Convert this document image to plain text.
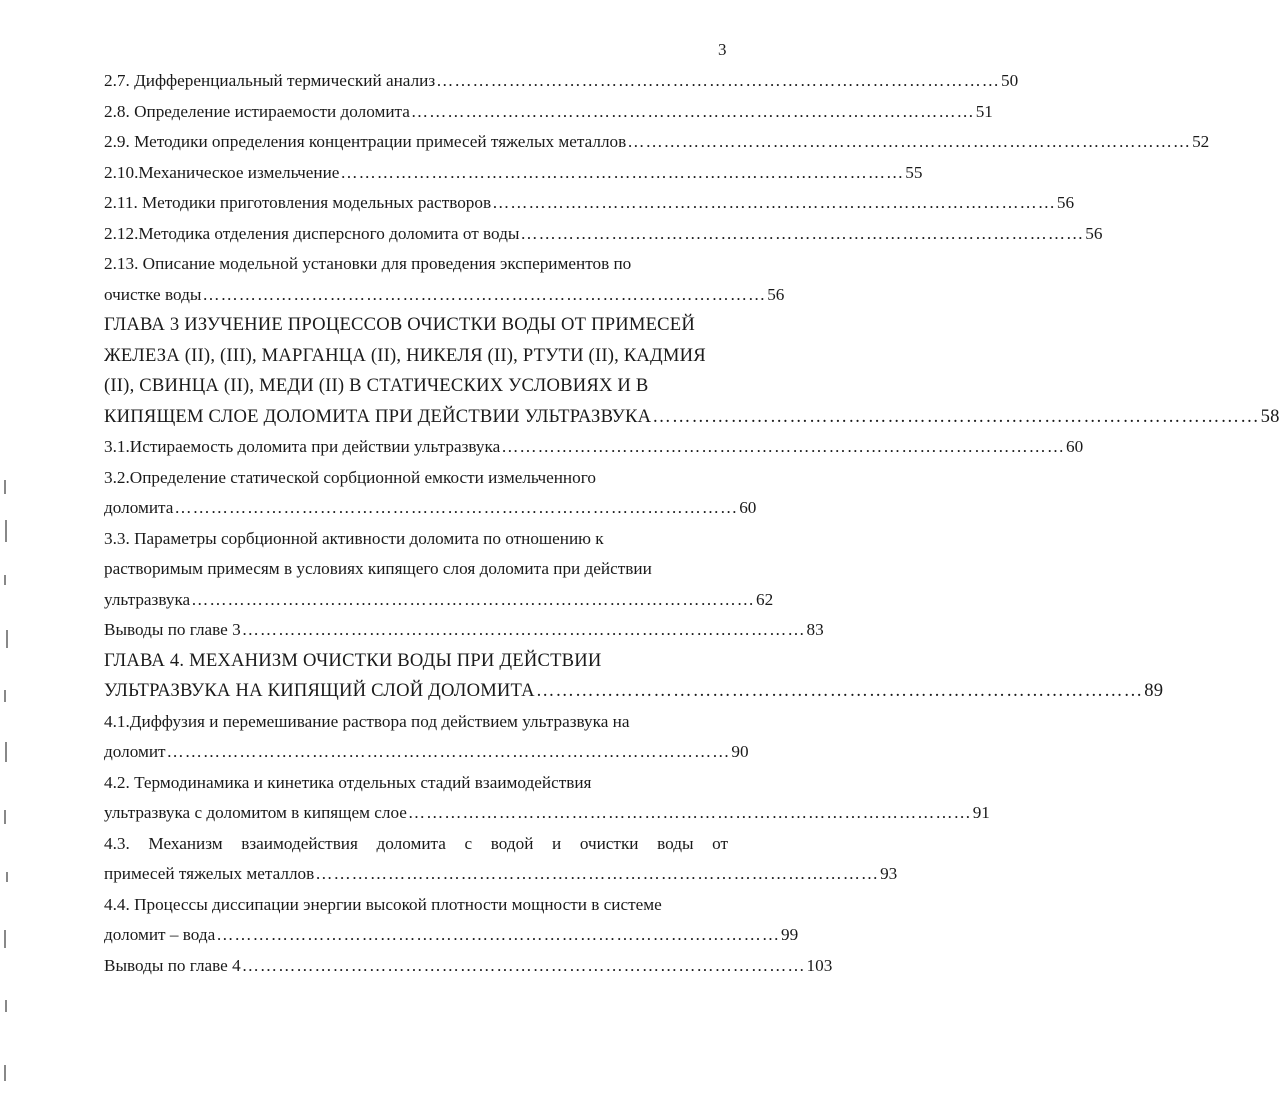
3
2.7. Дифференциальный термический анализ ………………………………………………………………………………… 50
2.8. Определение истираемости доломита ………………………………………………………………………………… 51
2.9. Методики определения концентрации примесей тяжелых металлов ………………………………………………………………………………… 52
2.10.Механическое измельчение ………………………………………………………………………………… 55
2.11. Методики приготовления модельных растворов ………………………………………………………………………………… 56
2.12.Методика отделения дисперсного доломита от воды ………………………………………………………………………………… 56
2.13. Описание модельной установки для проведения экспериментов по
очистке воды ………………………………………………………………………………… 56
ГЛАВА 3 ИЗУЧЕНИЕ ПРОЦЕССОВ ОЧИСТКИ ВОДЫ ОТ ПРИМЕСЕЙ
ЖЕЛЕЗА (II), (III), МАРГАНЦА (II), НИКЕЛЯ (II), РТУТИ (II), КАДМИЯ
(II), СВИНЦА (II), МЕДИ (II) В СТАТИЧЕСКИХ УСЛОВИЯХ И В
КИПЯЩЕМ СЛОЕ ДОЛОМИТА ПРИ ДЕЙСТВИИ УЛЬТРАЗВУКА ………………………………………………………………………………… 58
3.1.Истираемость доломита при действии ультразвука ………………………………………………………………………………… 60
3.2.Определение статической сорбционной емкости измельченного
доломита ………………………………………………………………………………… 60
3.3. Параметры сорбционной активности доломита по отношению к
растворимым примесям в условиях кипящего слоя доломита при действии
ультразвука ………………………………………………………………………………… 62
Выводы по главе 3 ………………………………………………………………………………… 83
ГЛАВА 4. МЕХАНИЗМ ОЧИСТКИ ВОДЫ ПРИ ДЕЙСТВИИ
УЛЬТРАЗВУКА НА КИПЯЩИЙ СЛОЙ ДОЛОМИТА ………………………………………………………………………………… 89
4.1.Диффузия и перемешивание раствора под действием ультразвука на
доломит ………………………………………………………………………………… 90
4.2. Термодинамика и кинетика отдельных стадий взаимодействия
ультразвука с доломитом в кипящем слое ………………………………………………………………………………… 91
4.3. Механизм взаимодействия доломита с водой и очистки воды от
примесей тяжелых металлов ………………………………………………………………………………… 93
4.4. Процессы диссипации энергии высокой плотности мощности в системе
доломит – вода ………………………………………………………………………………… 99
Выводы по главе 4 ………………………………………………………………………………… 103
